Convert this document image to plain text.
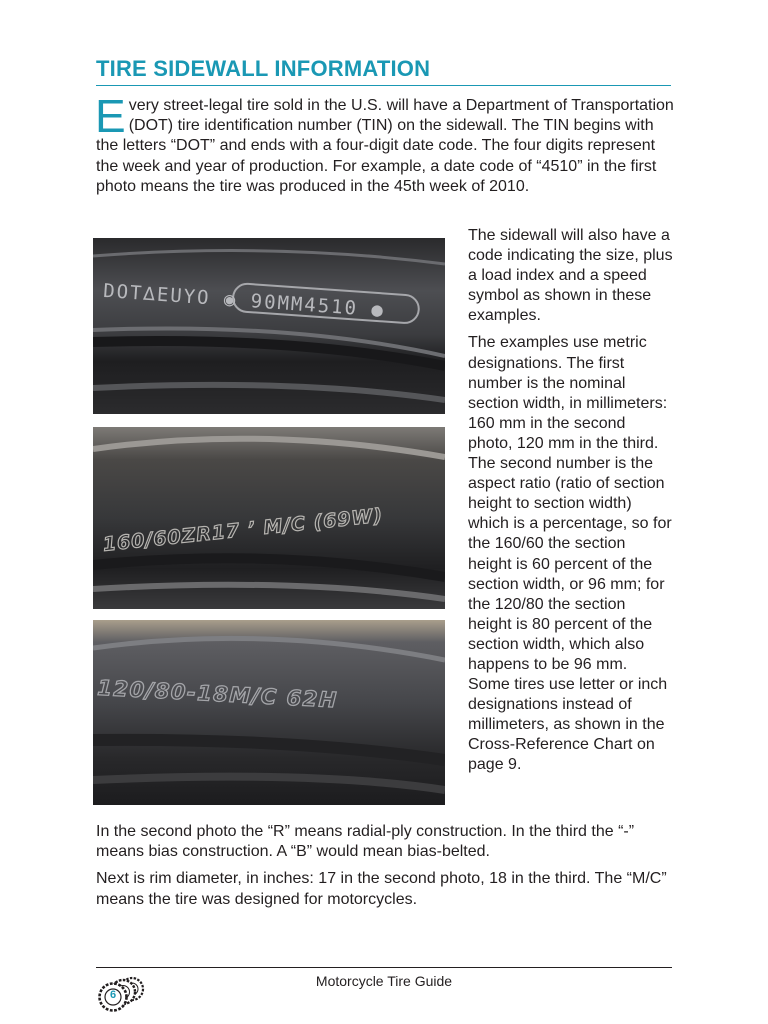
TIRE SIDEWALL INFORMATION

Every street-legal tire sold in the U.S. will have a Department of Transportation (DOT) tire identification number (TIN) on the sidewall. The TIN begins with the letters “DOT” and ends with a four-digit date code. The four digits represent the week and year of production. For example, a date code of “4510” in the first photo means the tire was produced in the 45th week of 2010.

DOT∆EUYO ◉ 90MM4510 ●
160/60ZR17 ʼ M/C (69W)
120/80-18M/C 62H

The sidewall will also have a code indicating the size, plus a load index and a speed symbol as shown in these examples.

The examples use metric designations. The first number is the nominal section width, in millimeters: 160 mm in the second photo, 120 mm in the third. The second number is the aspect ratio (ratio of section height to section width) which is a percentage, so for the 160/60 the section height is 60 percent of the section width, or 96 mm; for the 120/80 the section height is 80 percent of the section width, which also happens to be 96 mm. Some tires use letter or inch designations instead of millimeters, as shown in the Cross-Reference Chart on page 9.

In the second photo the “R” means radial-ply construction. In the third the “-” means bias construction. A “B” would mean bias-belted.

Next is rim diameter, in inches: 17 in the second photo, 18 in the third. The “M/C” means the tire was designed for motorcycles.

Motorcycle Tire Guide
6
